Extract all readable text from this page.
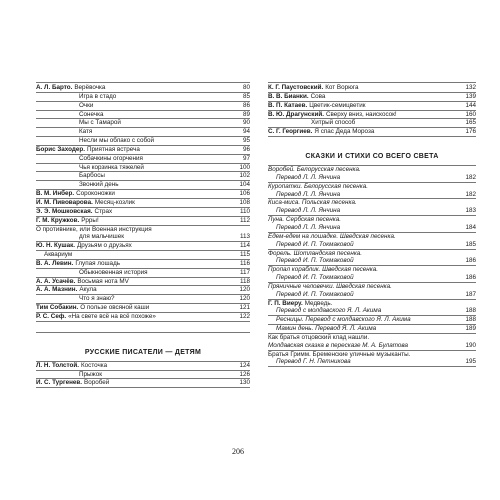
А. Л. Барто. Верёвочка	80
Игра в стадо	85
Очки	86
Сонечка	89
Мы с Тамарой	90
Катя	94
Несли мы облако с собой	95
Борис Заходер. Приятная встреча	96
Собачкины огорчения	97
Чья корзинка тяжелей	100
Барбосы	102
Звонкий день	104
В. М. Инбер. Сороконожки	106
И. М. Пивоварова. Месяц-козлик	108
Э. Э. Мошковская. Страх	110
Г. М. Кружков. Ррры!	112
О противнике, или Военная инструкция
для мальчишек	113
Ю. Н. Кушак. Друзьям о друзьях	114
Аквариум	115
В. А. Левин. Глупая лошадь	116
Обыкновенная история	117
А. А. Усачёв. Восьмая нота MV	118
А. А. Мазнин. Акула	120
Что я знаю?	120
Тим Собакин. О пользе овсяной каши	121
Р. С. Сеф. «На свете всё на всё похоже»	122
РУССКИЕ ПИСАТЕЛИ — ДЕТЯМ
Л. Н. Толстой. Косточка	124
Прыжок	126
И. С. Тургенев. Воробей	130
К. Г. Паустовский. Кот Ворюга	132
В. В. Бианки. Сова	139
В. П. Катаев. Цветик-семицветик	144
В. Ю. Драгунский. Сверху вниз, наискосок!	160
Хитрый способ	165
С. Г. Георгиев. Я спас Деда Мороза	176
СКАЗКИ И СТИХИ СО ВСЕГО СВЕТА
Воробей. Белорусская песенка.
Перевод Л. Л. Янчина	182
Куропатки. Белорусская песенка.
Перевод Л. Л. Янчина	182
Киса-миса. Польская песенка.
Перевод Л. Л. Янчина	183
Луна. Сербская песенка.
Перевод Л. Л. Янчина	184
Едем-едем на лошадке. Шведская песенка.
Перевод И. П. Токмаковой	185
Форель. Шотландская песенка.
Перевод И. П. Токмаковой	186
Пропал кораблик. Шведская песенка.
Перевод И. П. Токмаковой	186
Пряничные человечки. Шведская песенка.
Перевод И. П. Токмаковой	187
Г. П. Виеру. Медведь.
Перевод с молдавского Я. Л. Акима	188
Ресницы. Перевод с молдавского Я. Л. Акима	188
Мамин день. Перевод Я. Л. Акима	189
Как братья отцовский клад нашли.
Молдавская сказка в пересказе М. А. Булатова	190
Братья Гримм. Бременские уличные музыканты.
Перевод Г. Н. Петникова	195
206
